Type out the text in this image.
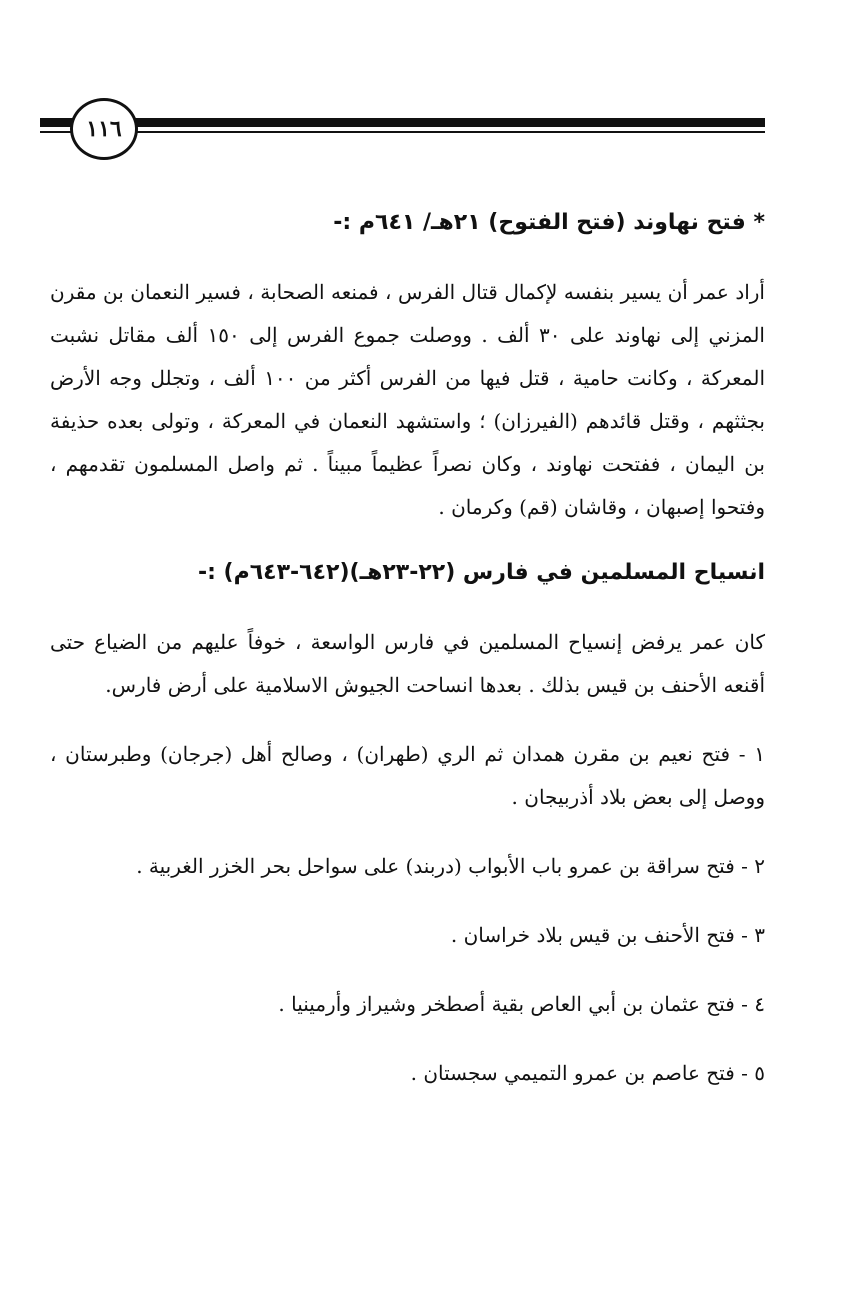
١١٦
* فتح نهاوند (فتح الفتوح) ٢١هـ/ ٦٤١م :-

أراد عمر أن يسير بنفسه لإكمال قتال الفرس ، فمنعه الصحابة ، فسير النعمان بن مقرن المزني إلى نهاوند على ٣٠ ألف . ووصلت جموع الفرس إلى ١٥٠ ألف مقاتل نشبت المعركة ، وكانت حامية ، قتل فيها من الفرس أكثر من ١٠٠ ألف ، وتجلل وجه الأرض بجثثهم ، وقتل قائدهم (الفيرزان) ؛ واستشهد النعمان في المعركة ، وتولى بعده حذيفة بن اليمان ، ففتحت نهاوند ، وكان نصراً عظيماً مبيناً . ثم واصل المسلمون تقدمهم ، وفتحوا إصبهان ، وقاشان (قم) وكرمان .

انسياح المسلمين في فارس (٢٢-٢٣هـ)(٦٤٢-٦٤٣م) :-

كان عمر يرفض إنسياح المسلمين في فارس الواسعة ، خوفاً عليهم من الضياع حتى أقنعه الأحنف بن قيس بذلك . بعدها انساحت الجيوش الاسلامية على أرض فارس.

١ - فتح نعيم بن مقرن همدان ثم الري (طهران) ، وصالح أهل (جرجان) وطبرستان ، ووصل إلى بعض بلاد أذربيجان .
٢ - فتح سراقة بن عمرو باب الأبواب (دربند) على سواحل بحر الخزر الغربية .
٣ - فتح الأحنف بن قيس بلاد خراسان .
٤ - فتح عثمان بن أبي العاص بقية أصطخر وشيراز وأرمينيا .
٥ - فتح عاصم بن عمرو التميمي سجستان .
